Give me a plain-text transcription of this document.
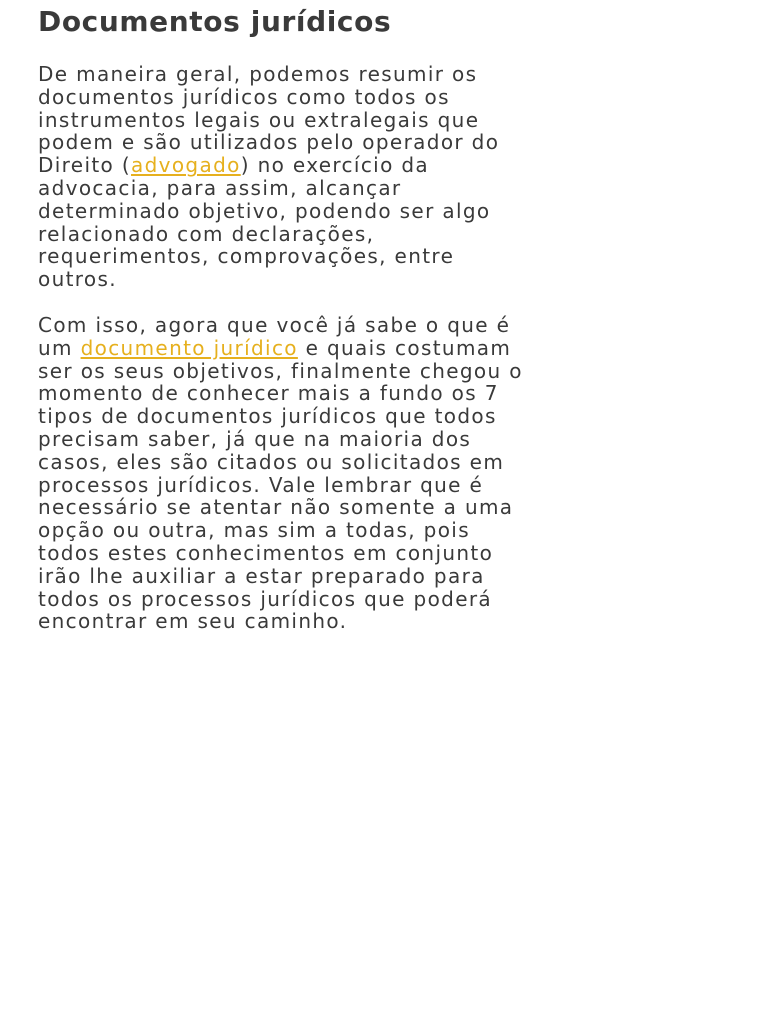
Documentos jurídicos

De maneira geral, podemos resumir os
documentos jurídicos como todos os
instrumentos legais ou extralegais que
podem e são utilizados pelo operador do
Direito (advogado) no exercício da
advocacia, para assim, alcançar
determinado objetivo, podendo ser algo
relacionado com declarações,
requerimentos, comprovações, entre
outros.

Com isso, agora que você já sabe o que é
um documento jurídico e quais costumam
ser os seus objetivos, finalmente chegou o
momento de conhecer mais a fundo os 7
tipos de documentos jurídicos que todos
precisam saber, já que na maioria dos
casos, eles são citados ou solicitados em
processos jurídicos. Vale lembrar que é
necessário se atentar não somente a uma
opção ou outra, mas sim a todas, pois
todos estes conhecimentos em conjunto
irão lhe auxiliar a estar preparado para
todos os processos jurídicos que poderá
encontrar em seu caminho.
